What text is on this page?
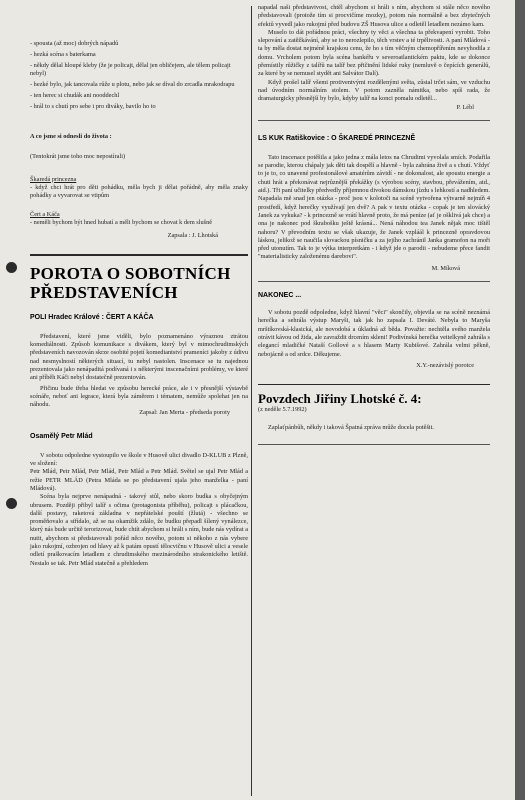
- spousta (až moc) dobrých nápadů

- hezká scéna s baterkama

- někdy dělal hloupé kleby (že je policajt, dělal jen obličejem, ale tělem policajt nebyl)

- hezké bylo, jak tancovala růže u plotu, nebo jak se díval do zrcadla mrakodrapu

- ten herec si chudák ani nooddechl

- hrál to s chutí pro sebe i pro diváky, bavilo ho to

A co jsme si odnesli do života :

(Tentokrát jsme toho moc nepostírali)

Škaredá princezna

- když chci hrát pro děti pohádku, měla bych ji dělat pořádně, aby měla znaky pohádky a vyvarovat se vtipům

Čert a Káča

- neměli bychom být hned hubatí a měli bychom se chovat k dem slušně

Zapsala : J. Lhotská

POROTA O SOBOTNÍCH PŘEDSTAVENÍCH

POLI Hradec Králové : ČERT A KÁČA

Představení, které jsme viděli, bylo poznamenáno výraznou ztrátou komediálnosti. Způsob komunikace s divákem, který byl v mimochrudimských představeních navozován skrze osobité pojetí komediantství prameníci jakoby z údivu nad nesmyslností některých situací, tu nebyl nastolen. Inscenace se tu najednou prezentovala jako nenápaditá podívaná i s některými inscenačními problémy, ve které ani příběh Káči nebyl dostatečně prezentován.

Přičinu bude třeba hledat ve způsobu herecké práce, ale i v přesnější výstavbě scénáře, neboť ani legrace, která byla záměrem i tématem, nemůže spolehat jen na náhodu.

Zapsal: Jan Merta - předseda poroty

Osamělý Petr Mlád

V sobotu odpoledne vystoupilo ve škole v Husově ulici divadlo D-KLUB z Plzně, ve složení:

Petr Mlád, Petr Mlád, Petr Mlád, Petr Mlád a Petr Mlád. Světel se ujal Petr Mlád a režie PETR MLÁD (Petra Mláda se po představení ujala jeho manželka - paní Mládová).

Scéna byla nejprve nenápadná - takový stůl, nebo skoro budka s obyčejným ubrusem. Později přibyl talíř s očima (protagonista příběhu), policajt s plácačkou, další postavy, raketová základna v nepřátelské pouští (žlutá) - všechno se proměňovalo a střídalo, až se na okamžik zdálo, že budku přepadl šílený vynálezce, který nás bude určitě terorizovat, bude chtít abychom si hráli s ním, bude nás vydírat a nutit, abychom si představovali pořád něco nového, potom si někoho z nás vybere jako rukojmí, ozbrojen od hlavy až k patám opustí tělocvičnu v Husově ulici a vesele odletí praškovacím letadlem z chrudimského mezinárodního strakonického letiště. Nestalo se tak. Petr Mlád statečně a přehledem

napadal naši představivost, chtěl abychom si hráli s ním, abychom si stále něco nového představovali (protože tím si procvičíme mozky), potom nás normálně a bez zbytečných efektů vyvedl jako rukojmí před budovu ZŠ Husova ulice a odletěl letadlem nezámo kam.

Muselo to dát pořádnou práci, všechny ty věci a všechna ta překvapení vyrobit. Toho slepování a zatěžkávání, aby se to nerozlepilo, těch vrstev a té trpělivosti. A paní Mládová - ta by měla dostat nejméně krajskou cenu, že ho s tím věčným chemopřířením nevyhodila z domu. Vrcholem potom byla scéna bankéřu v severoatlantickém paktu, kde se dokonce přemístily růžičky z talířů na talíř bez přičinění lidské ruky (nemluvě o čepících generálů, za které by se nemusel stydět ani Salvátor Dalí).

Když prošel talíř všemi protiventvými rozdělenými světa, zůstal trčet sám, ve vzduchu nad úvodním normálním stolem. V potom zazněla námitka, nebo spíš rada, že dramaturgicky přesnější by bylo, kdyby talíř na konci pomalu odletěl...

P. Lébl

LS KUK Ratiškovice : O ŠKAREDÉ PRINCEZNĚ

Tato inscenace potěšila a jako jedna z mála letos na Chrudimi vyvolala smích. Podařila se parodie, kterou chápaly jak děti tak dospělí a hlavně - byla zahrána živě a s chutí. Vždyť to je to, co unavené profesionálové amatérům závidí - ne dokonalost, ale spoustu energie a chuti hrát a překonávat nejrůznější překážky (s výrobou scény, stavbou, převážením, atd., aid.). Tři paní učitelky předvedly příjemnou divokou dámskou jízdu s lehkostí a nadhledem. Napadala mě snad jen otázka - proč jsou v kolotoči na scéně vytvořena výtvarně nejmíň 4 prostředí, když herečky využívají jen dvě? A pak v textu otázka - copak je ten slovácký Janek za vykuka? - k princezně se vrátí hlavně proto, že má peníze (ať je ošklivá jak chce) a ona je nakonec pod škrabošku ještě krásná... Nená náhodou tea Janek nějak moc tištěl nahoru? V převodním textu se však ukazuje, že Janek vzpláál k princezně opravdovou láskou, jelikož se naučila slovackou písničku a za jejího zachránil Janka gramofon na moři před utonutím. Tak to je výtka interpretkám - i když jde o parodii - nebudeme přece fandit "materialisticky založenému darebovi".

M. Míková

NAKONEC ...

V sobotu pozdě odpoledne, když hlavní "věci" skončily, objevila se na scéně neznámá herečka a sehrála výstup Maryši, tak jak ho zapsala I. Deváté. Nebyla to Maryša mrštíkovská-klasická, ale novodobá a úkladná až běda. Považte: nechtěla svého manžela otrávit kávou od žida, ale zavraždit drcením skleni! Podivínská herečka veitelkyně zahrála s elegancí mladičké Nataší Gollové a s hlasem Marty Kubišové. Zahrála velmi pěkně, nebojácně a od srdce. Děkujeme.

X.Y.-nezávislý porotce

Povzdech Jiřiny Lhotské č. 4:

(z neděle 5.7.1992)

Zaplaťpánbůh, někdy i taková Špatná zpráva může docela potěšit.
